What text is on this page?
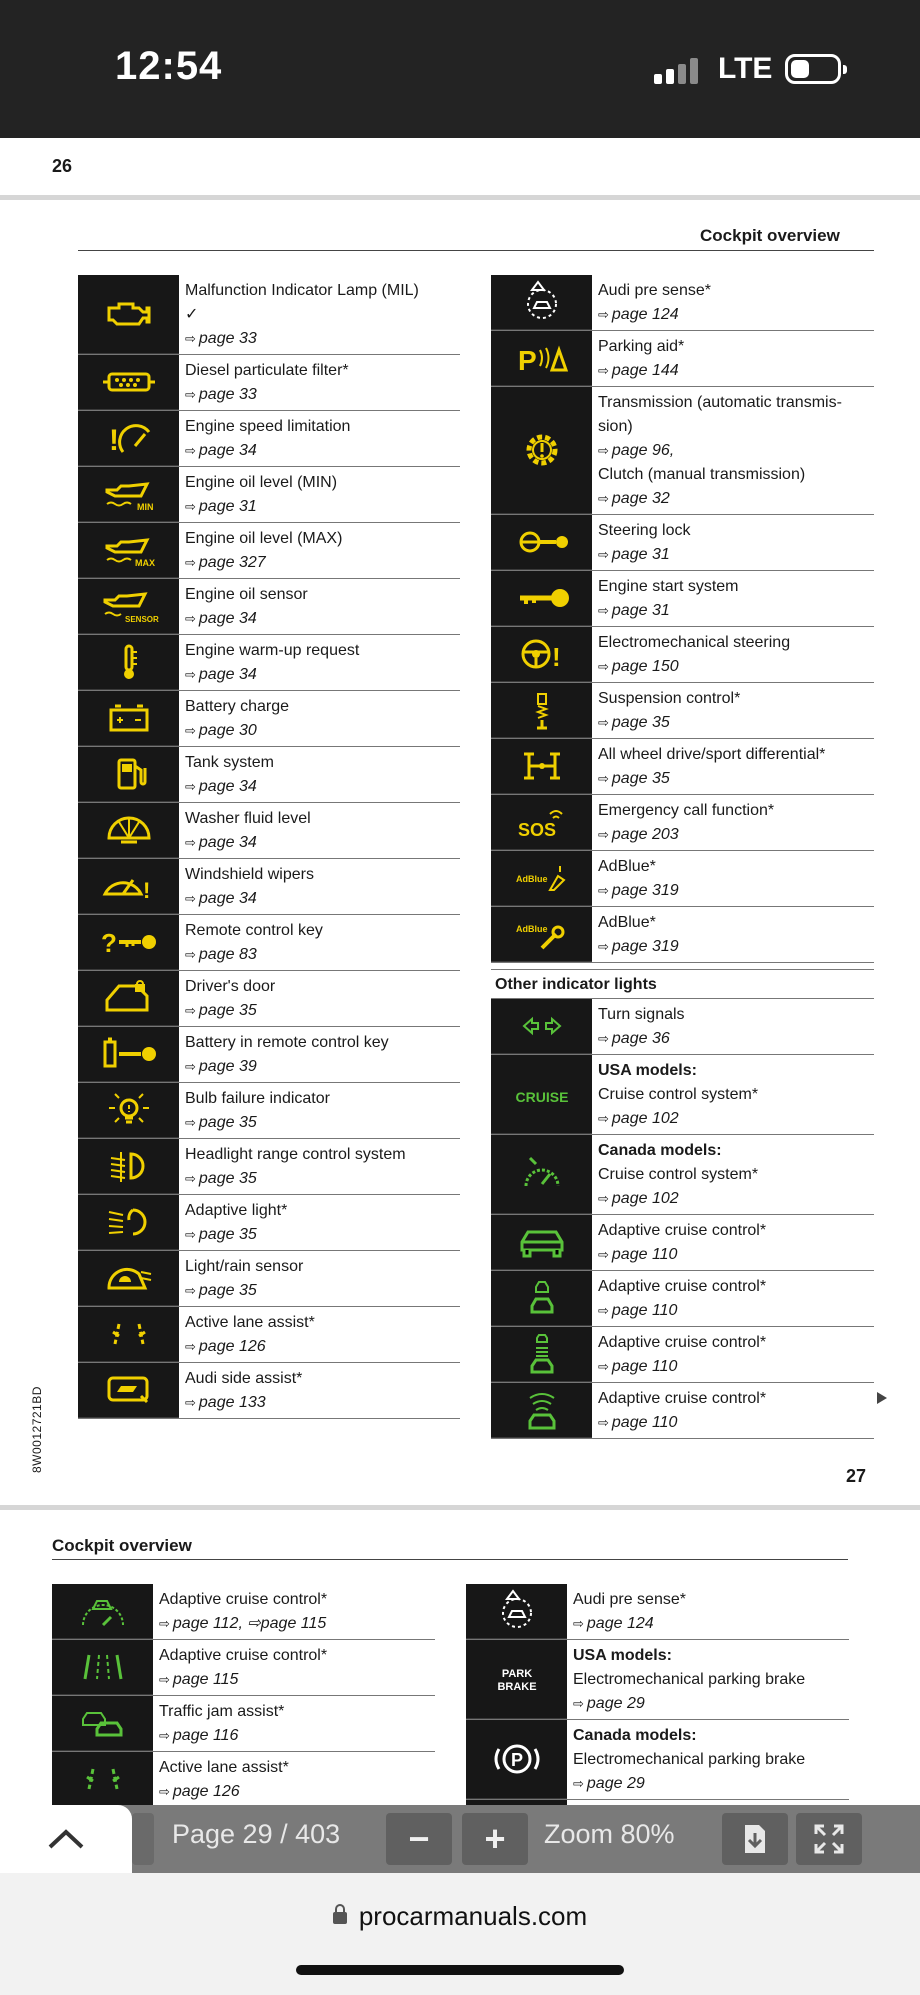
12:54	LTE
26
Cockpit overview
Malfunction Indicator Lamp (MIL)
✓
⇨ page 33
Diesel particulate filter*
⇨ page 33
!	Engine speed limitation
⇨ page 34
MIN
Engine oil level (MIN)
⇨ page 31
MAX
Engine oil level (MAX)
⇨ page 327
SENSOR
Engine oil sensor
⇨ page 34
Engine warm-up request
⇨ page 34
Battery charge
⇨ page 30
Tank system
⇨ page 34
Washer fluid level
⇨ page 34
!
Windshield wipers
⇨ page 34
?	Remote control key
⇨ page 83
Driver's door
⇨ page 35
Battery in remote control key
⇨ page 39
Bulb failure indicator
⇨ page 35
Headlight range control system
⇨ page 35
Adaptive light*
⇨ page 35
Light/rain sensor
⇨ page 35
Active lane assist*
⇨ page 126
Audi side assist*
⇨ page 133
Audi pre sense*
⇨ page 124
P	Parking aid*
⇨ page 144
Transmission (automatic transmis-
sion)
⇨ page 96,
Clutch (manual transmission)
⇨ page 32
Steering lock
⇨ page 31
Engine start system
⇨ page 31
! Electromechanical steering
⇨ page 150
Suspension control*
⇨ page 35
All wheel drive/sport differential*
⇨ page 35
SOS
Emergency call function*
⇨ page 203
AdBlue
AdBlue*
⇨ page 319
AdBlue	AdBlue*
⇨ page 319
Other indicator lights
Turn signals
⇨ page 36
CRUISE
USA models:
Cruise control system*
⇨ page 102
Canada models:
Cruise control system*
⇨ page 102
Adaptive cruise control*
⇨ page 110
Adaptive cruise control*
⇨ page 110
Adaptive cruise control*
⇨ page 110
Adaptive cruise control*
⇨ page 110
8W0012721BD
27
Cockpit overview
Adaptive cruise control*
⇨ page 112, ⇨page 115
Adaptive cruise control*
⇨ page 115
Traffic jam assist*
⇨ page 116
Active lane assist*
⇨ page 126
Audi pre sense*
⇨ page 124
PARK
BRAKE
USA models:
Electromechanical parking brake
⇨ page 29
P
Canada models:
Electromechanical parking brake
⇨ page 29
Page 29 / 403 − + Zoom 80%
procarmanuals.com
